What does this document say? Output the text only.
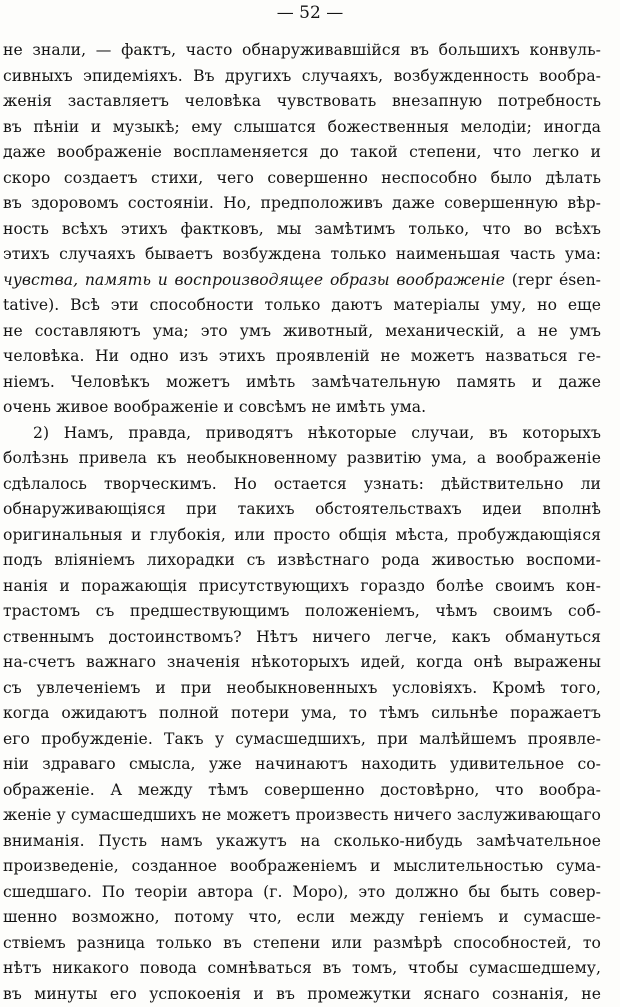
— 52 —
не знали, — фактъ, часто обнаруживавшійся въ большихъ конвуль-
сивныхъ эпидеміяхъ. Въ другихъ случаяхъ, возбужденность вообра-
женія заставляетъ человѣка чувствовать внезапную потребность
въ пѣніи и музыкѣ; ему слышатся божественныя мелодіи; иногда
даже воображеніе воспламеняется до такой степени, что легко и
скоро создаетъ стихи, чего совершенно неспособно было дѣлать
въ здоровомъ состояніи. Но, предположивъ даже совершенную вѣр-
ность всѣхъ этихъ фактковъ, мы замѣтимъ только, что во всѣхъ
этихъ случаяхъ бываетъ возбуждена только наименьшая часть ума:
чувства, память и воспроизводящее образы воображеніе (repr ésen-
tative). Всѣ эти способности только даютъ матеріалы уму, но еще
не составляютъ ума; это умъ животный, механическій, а не умъ
человѣка. Ни одно изъ этихъ проявленій не можетъ назваться ге-
ніемъ. Человѣкъ можетъ имѣть замѣчательную память и даже
очень живое воображеніе и совсѣмъ не имѣть ума.
2) Намъ, правда, приводятъ нѣкоторые случаи, въ которыхъ
болѣзнь привела къ необыкновенному развитію ума, а воображеніе
сдѣлалось творческимъ. Но остается узнать: дѣйствительно ли
обнаруживающіяся при такихъ обстоятельствахъ идеи вполнѣ
оригинальныя и глубокія, или просто общія мѣста, пробуждающіяся
подъ вліяніемъ лихорадки съ извѣстнаго рода живостью воспоми-
нанія и поражающія присутствующихъ гораздо болѣе своимъ кон-
трастомъ съ предшествующимъ положеніемъ, чѣмъ своимъ соб-
ственнымъ достоинствомъ? Нѣтъ ничего легче, какъ обмануться
на-счетъ важнаго значенія нѣкоторыхъ идей, когда онѣ выражены
съ увлеченіемъ и при необыкновенныхъ условіяхъ. Кромѣ того,
когда ожидаютъ полной потери ума, то тѣмъ сильнѣе поражаетъ
его пробужденіе. Такъ у сумасшедшихъ, при малѣйшемъ проявле-
ніи здраваго смысла, уже начинаютъ находить удивительное со-
ображеніе. А между тѣмъ совершенно достовѣрно, что вообра-
женіе у сумасшедшихъ не можетъ произвесть ничего заслуживающаго
вниманія. Пусть намъ укажутъ на сколько-нибудь замѣчательное
произведеніе, созданное воображеніемъ и мыслительностью сума-
сшедшаго. По теоріи автора (г. Моро), это должно бы быть совер-
шенно возможно, потому что, если между геніемъ и сумасше-
ствіемъ разница только въ степени или размѣрѣ способностей, то
нѣтъ никакого повода сомнѣваться въ томъ, чтобы сумасшедшему,
въ минуты его успокоенія и въ промежутки яснаго сознанія, не
